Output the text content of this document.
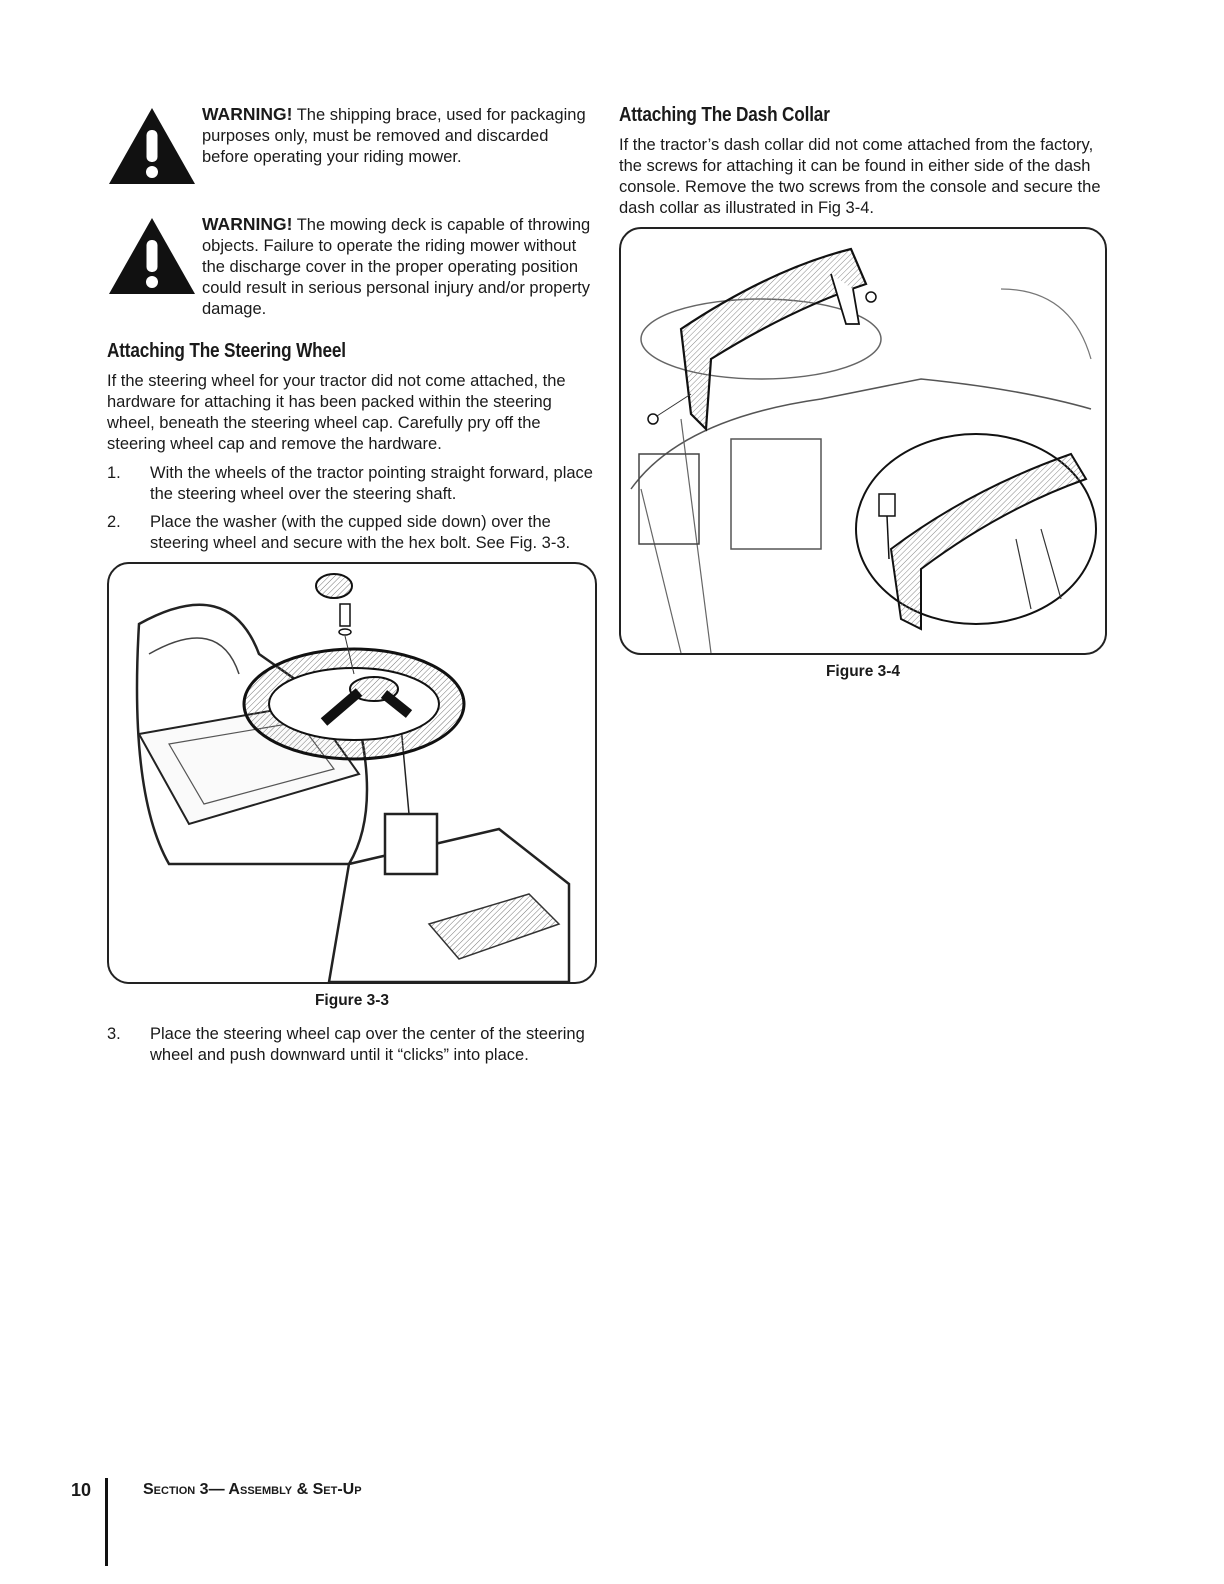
WARNING! The shipping brace, used for packaging purposes only, must be removed and discarded before operating your riding mower.

WARNING! The mowing deck is capable of throwing objects. Failure to operate the riding mower without the discharge cover in the proper operating position could result in serious personal injury and/or property damage.

Attaching The Steering Wheel

If the steering wheel for your tractor did not come attached, the hardware for attaching it has been packed within the steering wheel, beneath the steering wheel cap. Carefully pry off the steering wheel cap and remove the hardware.

1. With the wheels of the tractor pointing straight forward, place the steering wheel over the steering shaft.
2. Place the washer (with the cupped side down) over the steering wheel and secure with the hex bolt. See Fig. 3-3.
Figure 3-3
3. Place the steering wheel cap over the center of the steering wheel and push downward until it “clicks” into place.
Attaching The Dash Collar

If the tractor’s dash collar did not come attached from the factory, the screws for attaching it can be found in either side of the dash console. Remove the two screws from the console and secure the dash collar as illustrated in Fig 3-4.

Figure 3-4
10	Section 3— Assembly & Set-Up
